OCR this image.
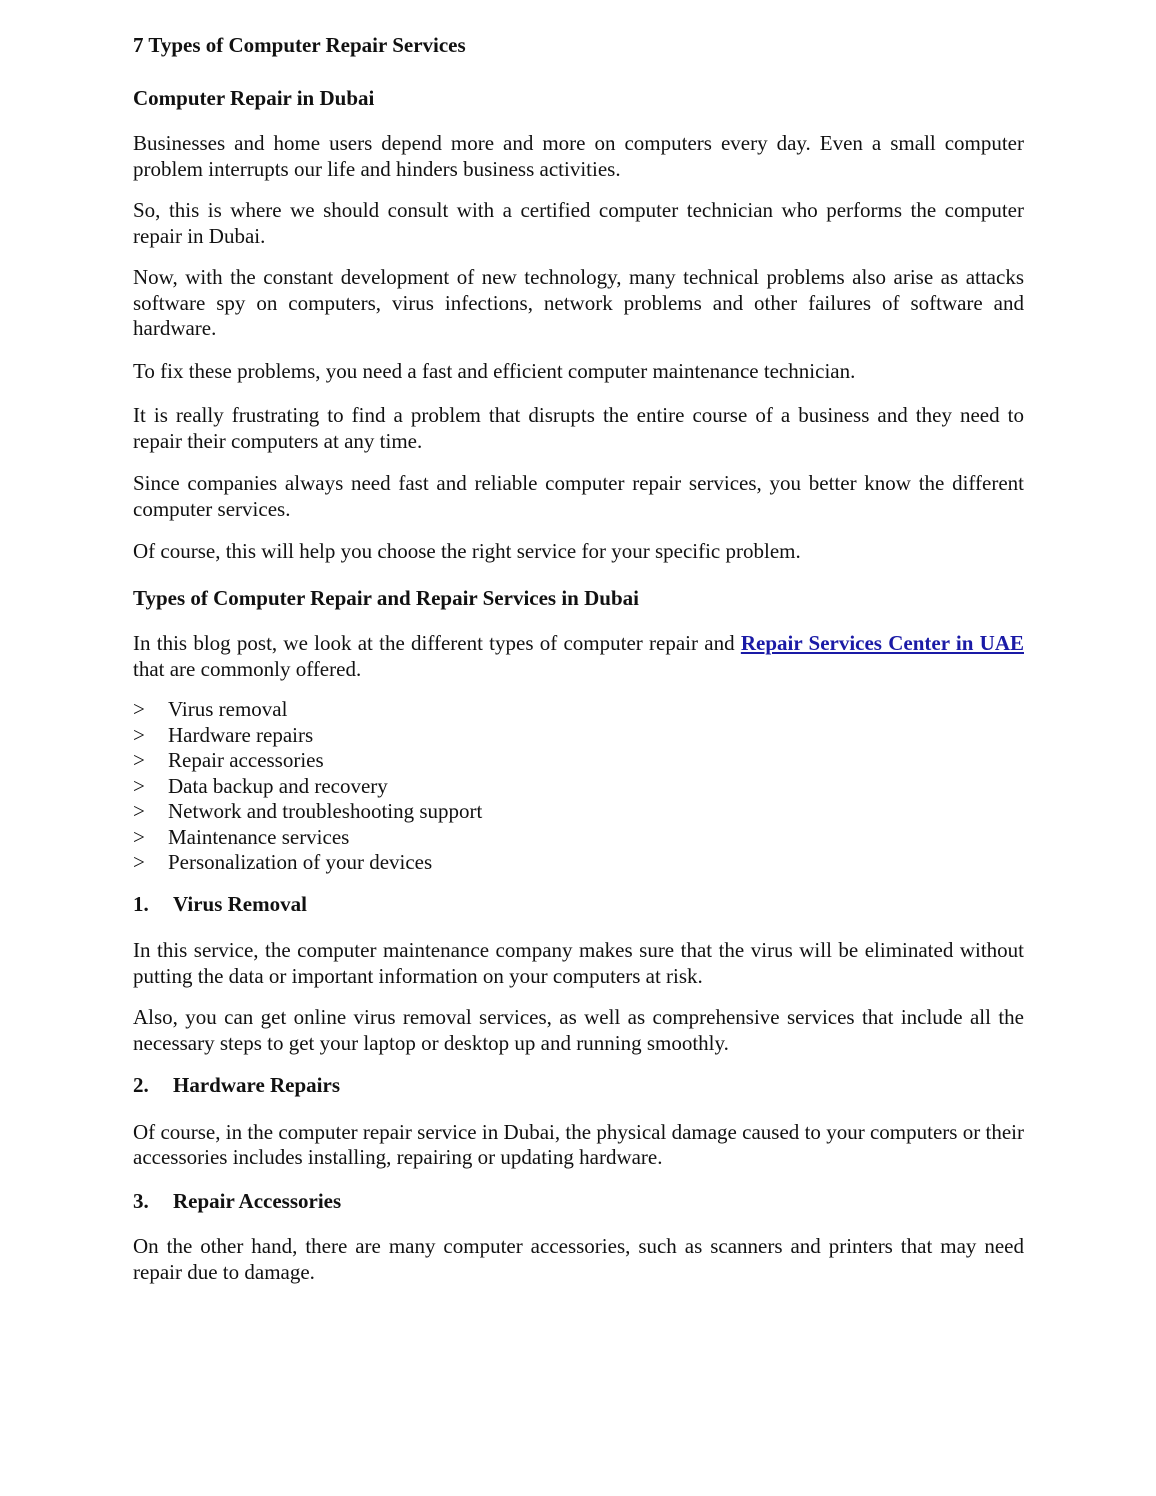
7 Types of Computer Repair Services
Computer Repair in Dubai

Businesses and home users depend more and more on computers every day. Even a small computer problem interrupts our life and hinders business activities.

So, this is where we should consult with a certified computer technician who performs the computer repair in Dubai.

Now, with the constant development of new technology, many technical problems also arise as attacks software spy on computers, virus infections, network problems and other failures of software and hardware.

To fix these problems, you need a fast and efficient computer maintenance technician.

It is really frustrating to find a problem that disrupts the entire course of a business and they need to repair their computers at any time.

Since companies always need fast and reliable computer repair services, you better know the different computer services.

Of course, this will help you choose the right service for your specific problem.

Types of Computer Repair and Repair Services in Dubai

In this blog post, we look at the different types of computer repair and Repair Services Center in UAE that are commonly offered.

>	Virus removal
>	Hardware repairs
>	Repair accessories
>	Data backup and recovery
>	Network and troubleshooting support
>	Maintenance services
>	Personalization of your devices
1.	Virus Removal

In this service, the computer maintenance company makes sure that the virus will be eliminated without putting the data or important information on your computers at risk.

Also, you can get online virus removal services, as well as comprehensive services that include all the necessary steps to get your laptop or desktop up and running smoothly.

2.	Hardware Repairs

Of course, in the computer repair service in Dubai, the physical damage caused to your computers or their accessories includes installing, repairing or updating hardware.

3.	Repair Accessories

On the other hand, there are many computer accessories, such as scanners and printers that may need repair due to damage.
